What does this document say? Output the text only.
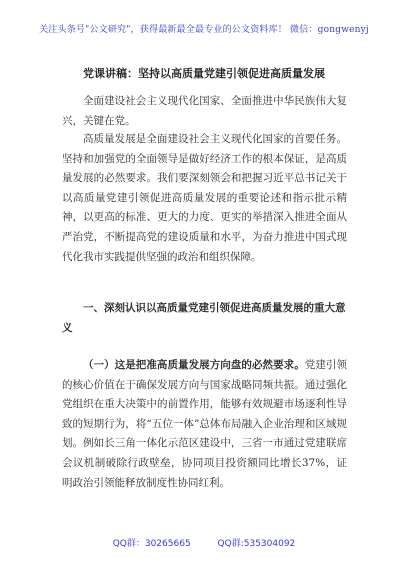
关注头条号"公文研究"，获得最新最全最专业的公文资料库！ 微信：gongwenyj
党课讲稿：坚持以高质量党建引领促进高质量发展
全面建设社会主义现代化国家、全面推进中华民族伟大复兴，关键在党。
高质量发展是全面建设社会主义现代化国家的首要任务。坚持和加强党的全面领导是做好经济工作的根本保证，是高质量发展的必然要求。我们要深刻领会和把握习近平总书记关于以高质量党建引领促进高质量发展的重要论述和指示批示精神，以更高的标准、更大的力度、更实的举措深入推进全面从严治党，不断提高党的建设质量和水平，为奋力推进中国式现代化我市实践提供坚强的政治和组织保障。
一、深刻认识以高质量党建引领促进高质量发展的重大意义
（一）这是把准高质量发展方向盘的必然要求。党建引领的核心价值在于确保发展方向与国家战略同频共振。通过强化党组织在重大决策中的前置作用，能够有效规避市场逐利性导致的短期行为，将“五位一体”总体布局融入企业治理和区域规划。例如长三角一体化示范区建设中，三省一市通过党建联席会议机制破除行政壁垒，协同项目投资额同比增长37%，证明政治引领能释放制度性协同红利。
QQ群：30265665	QQ群:535304092
